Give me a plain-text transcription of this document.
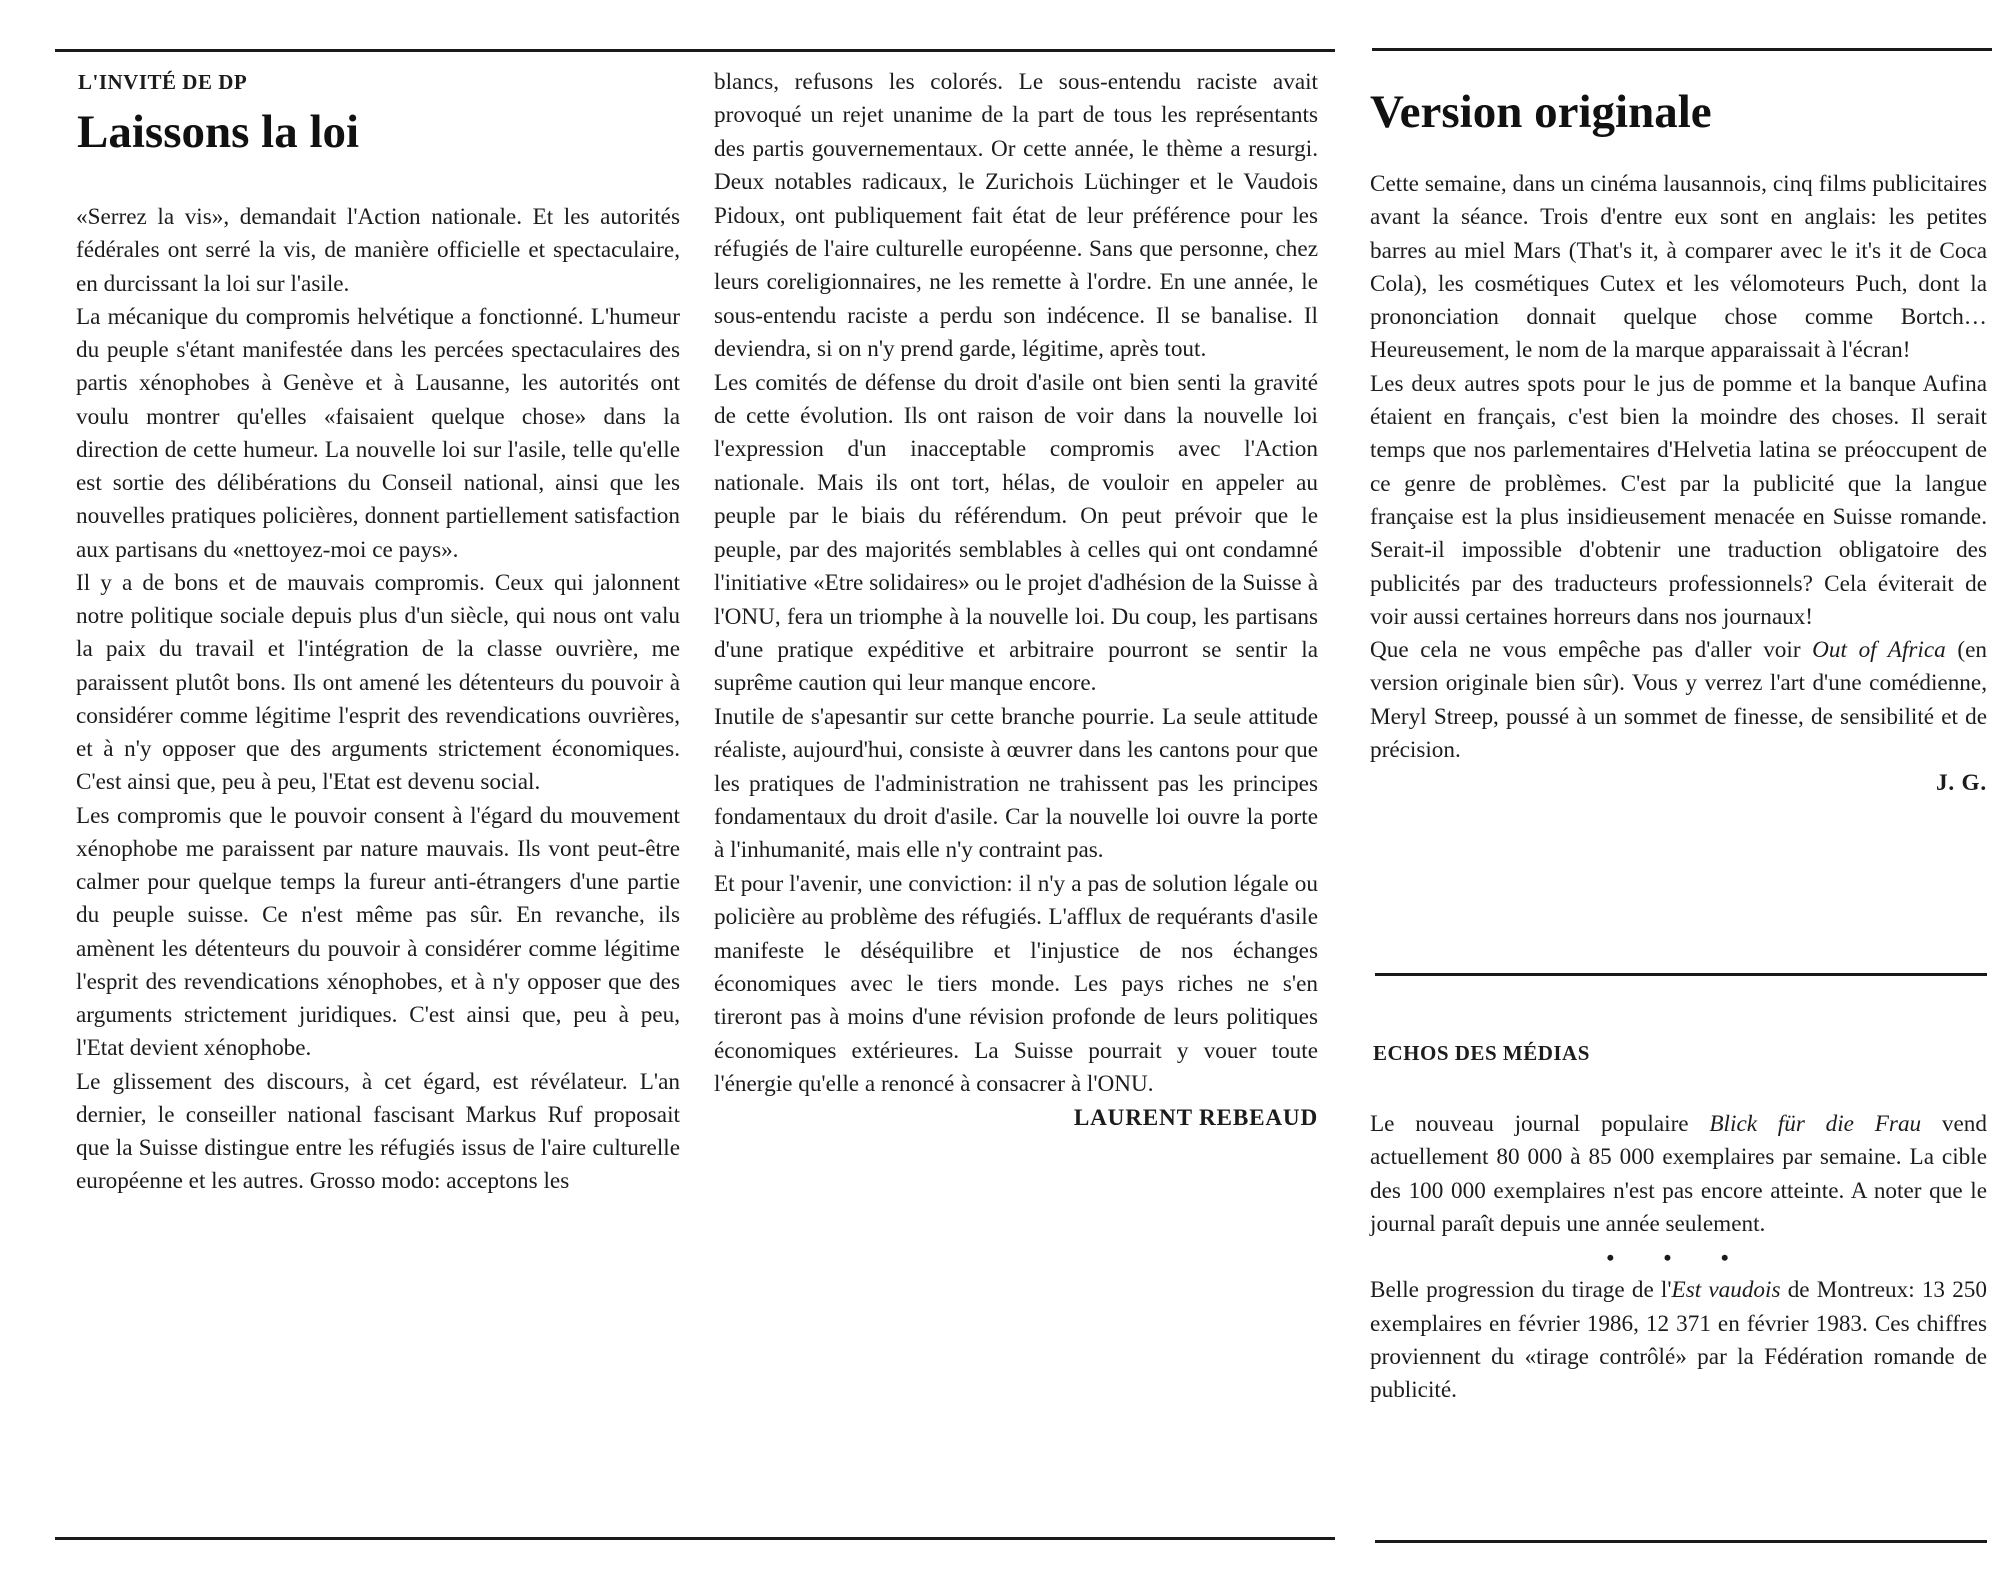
L'INVITÉ DE DP
Laissons la loi

«Serrez la vis», demandait l'Action nationale. Et les autorités fédérales ont serré la vis, de manière officielle et spectaculaire, en durcissant la loi sur l'asile.

La mécanique du compromis helvétique a fonctionné. L'humeur du peuple s'étant manifestée dans les percées spectaculaires des partis xénophobes à Genève et à Lausanne, les autorités ont voulu montrer qu'elles «faisaient quelque chose» dans la direction de cette humeur. La nouvelle loi sur l'asile, telle qu'elle est sortie des délibérations du Conseil national, ainsi que les nouvelles pratiques policières, donnent partiellement satisfaction aux partisans du «nettoyez-moi ce pays».

Il y a de bons et de mauvais compromis. Ceux qui jalonnent notre politique sociale depuis plus d'un siècle, qui nous ont valu la paix du travail et l'intégration de la classe ouvrière, me paraissent plutôt bons. Ils ont amené les détenteurs du pouvoir à considérer comme légitime l'esprit des revendications ouvrières, et à n'y opposer que des arguments strictement économiques. C'est ainsi que, peu à peu, l'Etat est devenu social.

Les compromis que le pouvoir consent à l'égard du mouvement xénophobe me paraissent par nature mauvais. Ils vont peut-être calmer pour quelque temps la fureur anti-étrangers d'une partie du peuple suisse. Ce n'est même pas sûr. En revanche, ils amènent les détenteurs du pouvoir à considérer comme légitime l'esprit des revendications xénophobes, et à n'y opposer que des arguments strictement juridiques. C'est ainsi que, peu à peu, l'Etat devient xénophobe.

Le glissement des discours, à cet égard, est révélateur. L'an dernier, le conseiller national fascisant Markus Ruf proposait que la Suisse distingue entre les réfugiés issus de l'aire culturelle européenne et les autres. Grosso modo: acceptons les

blancs, refusons les colorés. Le sous-entendu raciste avait provoqué un rejet unanime de la part de tous les représentants des partis gouvernementaux. Or cette année, le thème a resurgi. Deux notables radicaux, le Zurichois Lüchinger et le Vaudois Pidoux, ont publiquement fait état de leur préférence pour les réfugiés de l'aire culturelle européenne. Sans que personne, chez leurs coreligionnaires, ne les remette à l'ordre. En une année, le sous-entendu raciste a perdu son indécence. Il se banalise. Il deviendra, si on n'y prend garde, légitime, après tout.

Les comités de défense du droit d'asile ont bien senti la gravité de cette évolution. Ils ont raison de voir dans la nouvelle loi l'expression d'un inacceptable compromis avec l'Action nationale. Mais ils ont tort, hélas, de vouloir en appeler au peuple par le biais du référendum. On peut prévoir que le peuple, par des majorités semblables à celles qui ont condamné l'initiative «Etre solidaires» ou le projet d'adhésion de la Suisse à l'ONU, fera un triomphe à la nouvelle loi. Du coup, les partisans d'une pratique expéditive et arbitraire pourront se sentir la suprême caution qui leur manque encore.

Inutile de s'apesantir sur cette branche pourrie. La seule attitude réaliste, aujourd'hui, consiste à œuvrer dans les cantons pour que les pratiques de l'administration ne trahissent pas les principes fondamentaux du droit d'asile. Car la nouvelle loi ouvre la porte à l'inhumanité, mais elle n'y contraint pas.

Et pour l'avenir, une conviction: il n'y a pas de solution légale ou policière au problème des réfugiés. L'afflux de requérants d'asile manifeste le déséquilibre et l'injustice de nos échanges économiques avec le tiers monde. Les pays riches ne s'en tireront pas à moins d'une révision profonde de leurs politiques économiques extérieures. La Suisse pourrait y vouer toute l'énergie qu'elle a renoncé à consacrer à l'ONU.

LAURENT REBEAUD

Version originale

Cette semaine, dans un cinéma lausannois, cinq films publicitaires avant la séance. Trois d'entre eux sont en anglais: les petites barres au miel Mars (That's it, à comparer avec le it's it de Coca Cola), les cosmétiques Cutex et les vélomoteurs Puch, dont la prononciation donnait quelque chose comme Bortch… Heureusement, le nom de la marque apparaissait à l'écran!

Les deux autres spots pour le jus de pomme et la banque Aufina étaient en français, c'est bien la moindre des choses. Il serait temps que nos parlementaires d'Helvetia latina se préoccupent de ce genre de problèmes. C'est par la publicité que la langue française est la plus insidieusement menacée en Suisse romande. Serait-il impossible d'obtenir une traduction obligatoire des publicités par des traducteurs professionnels? Cela éviterait de voir aussi certaines horreurs dans nos journaux!

Que cela ne vous empêche pas d'aller voir Out of Africa (en version originale bien sûr). Vous y verrez l'art d'une comédienne, Meryl Streep, poussé à un sommet de finesse, de sensibilité et de précision.

J. G.

ECHOS DES MÉDIAS

Le nouveau journal populaire Blick für die Frau vend actuellement 80 000 à 85 000 exemplaires par semaine. La cible des 100 000 exemplaires n'est pas encore atteinte. A noter que le journal paraît depuis une année seulement.

• • •

Belle progression du tirage de l'Est vaudois de Montreux: 13 250 exemplaires en février 1986, 12 371 en février 1983. Ces chiffres proviennent du «tirage contrôlé» par la Fédération romande de publicité.
